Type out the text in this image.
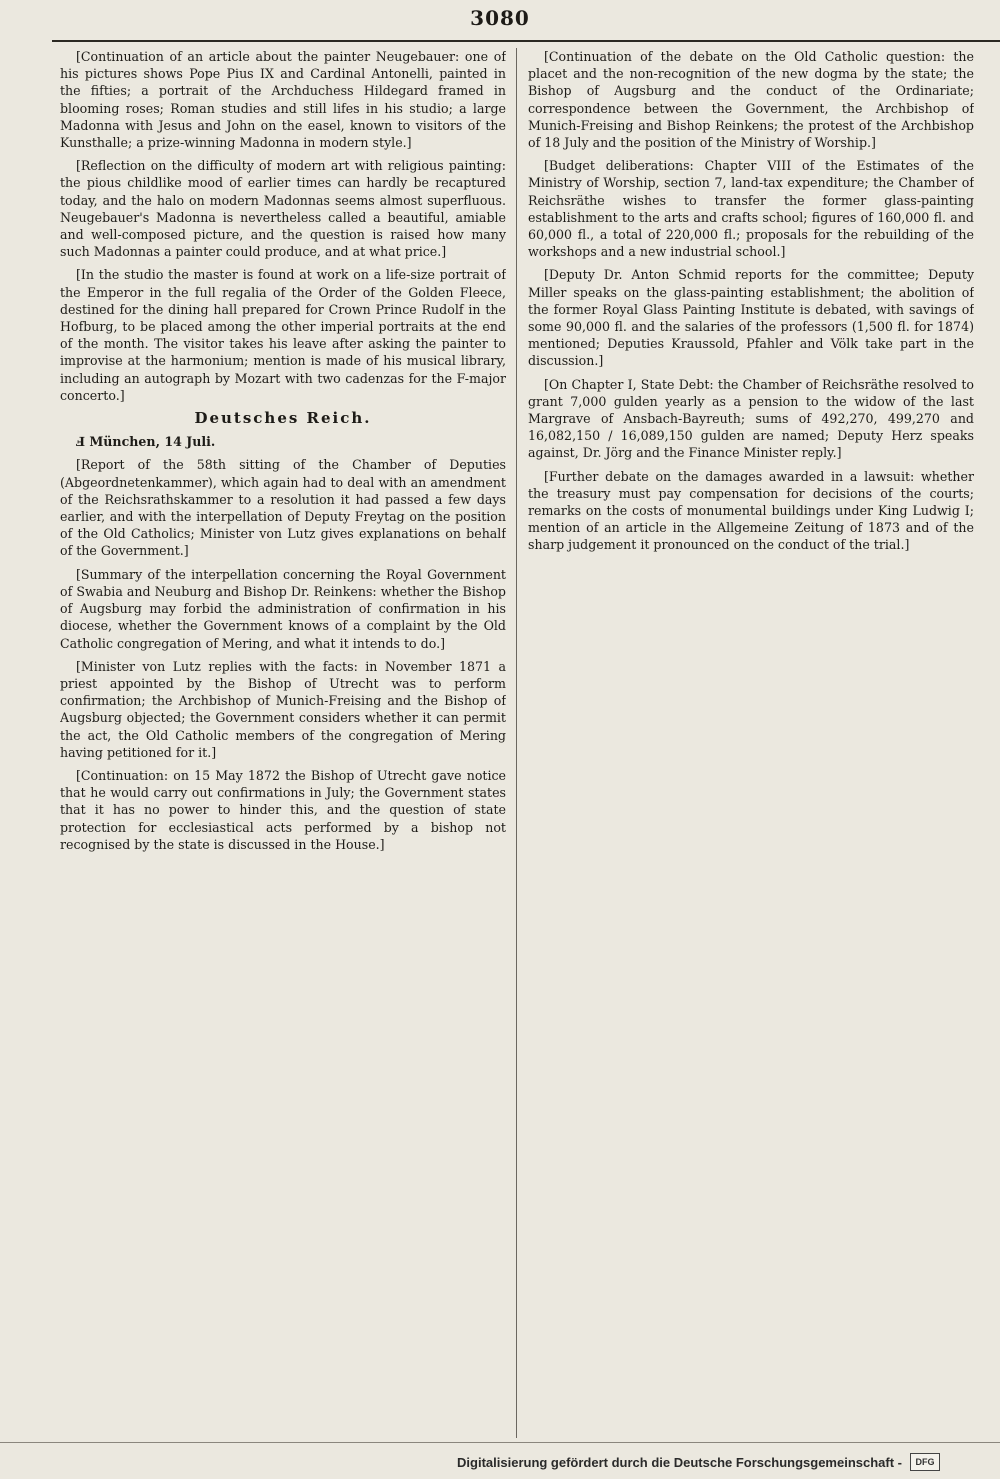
3080

[Continuation of an article about the painter Neugebauer: one of his pictures shows Pope Pius IX and Cardinal Antonelli, painted in the fifties; a portrait of the Archduchess Hildegard framed in blooming roses; Roman studies and still lifes in his studio; a large Madonna with Jesus and John on the easel, known to visitors of the Kunsthalle; a prize-winning Madonna in modern style.]

[Reflection on the difficulty of modern art with religious painting: the pious childlike mood of earlier times can hardly be recaptured today, and the halo on modern Madonnas seems almost superfluous. Neugebauer's Madonna is nevertheless called a beautiful, amiable and well-composed picture, and the question is raised how many such Madonnas a painter could produce, and at what price.]

[In the studio the master is found at work on a life-size portrait of the Emperor in the full regalia of the Order of the Golden Fleece, destined for the dining hall prepared for Crown Prince Rudolf in the Hofburg, to be placed among the other imperial portraits at the end of the month. The visitor takes his leave after asking the painter to improvise at the harmonium; mention is made of his musical library, including an autograph by Mozart with two cadenzas for the F-major concerto.]

Deutsches Reich.

Ⅎ München, 14 Juli.

[Report of the 58th sitting of the Chamber of Deputies (Abgeordnetenkammer), which again had to deal with an amendment of the Reichsrathskammer to a resolution it had passed a few days earlier, and with the interpellation of Deputy Freytag on the position of the Old Catholics; Minister von Lutz gives explanations on behalf of the Government.]

[Summary of the interpellation concerning the Royal Government of Swabia and Neuburg and Bishop Dr. Reinkens: whether the Bishop of Augsburg may forbid the administration of confirmation in his diocese, whether the Government knows of a complaint by the Old Catholic congregation of Mering, and what it intends to do.]

[Minister von Lutz replies with the facts: in November 1871 a priest appointed by the Bishop of Utrecht was to perform confirmation; the Archbishop of Munich-Freising and the Bishop of Augsburg objected; the Government considers whether it can permit the act, the Old Catholic members of the congregation of Mering having petitioned for it.]

[Continuation: on 15 May 1872 the Bishop of Utrecht gave notice that he would carry out confirmations in July; the Government states that it has no power to hinder this, and the question of state protection for ecclesiastical acts performed by a bishop not recognised by the state is discussed in the House.]

[Continuation of the debate on the Old Catholic question: the placet and the non-recognition of the new dogma by the state; the Bishop of Augsburg and the conduct of the Ordinariate; correspondence between the Government, the Archbishop of Munich-Freising and Bishop Reinkens; the protest of the Archbishop of 18 July and the position of the Ministry of Worship.]

[Budget deliberations: Chapter VIII of the Estimates of the Ministry of Worship, section 7, land-tax expenditure; the Chamber of Reichsräthe wishes to transfer the former glass-painting establishment to the arts and crafts school; figures of 160,000 fl. and 60,000 fl., a total of 220,000 fl.; proposals for the rebuilding of the workshops and a new industrial school.]

[Deputy Dr. Anton Schmid reports for the committee; Deputy Miller speaks on the glass-painting establishment; the abolition of the former Royal Glass Painting Institute is debated, with savings of some 90,000 fl. and the salaries of the professors (1,500 fl. for 1874) mentioned; Deputies Kraussold, Pfahler and Völk take part in the discussion.]

[On Chapter I, State Debt: the Chamber of Reichsräthe resolved to grant 7,000 gulden yearly as a pension to the widow of the last Margrave of Ansbach-Bayreuth; sums of 492,270, 499,270 and 16,082,150 / 16,089,150 gulden are named; Deputy Herz speaks against, Dr. Jörg and the Finance Minister reply.]

[Further debate on the damages awarded in a lawsuit: whether the treasury must pay compensation for decisions of the courts; remarks on the costs of monumental buildings under King Ludwig I; mention of an article in the Allgemeine Zeitung of 1873 and of the sharp judgement it pronounced on the conduct of the trial.]

Digitalisierung gefördert durch die Deutsche Forschungsgemeinschaft -	DFG
